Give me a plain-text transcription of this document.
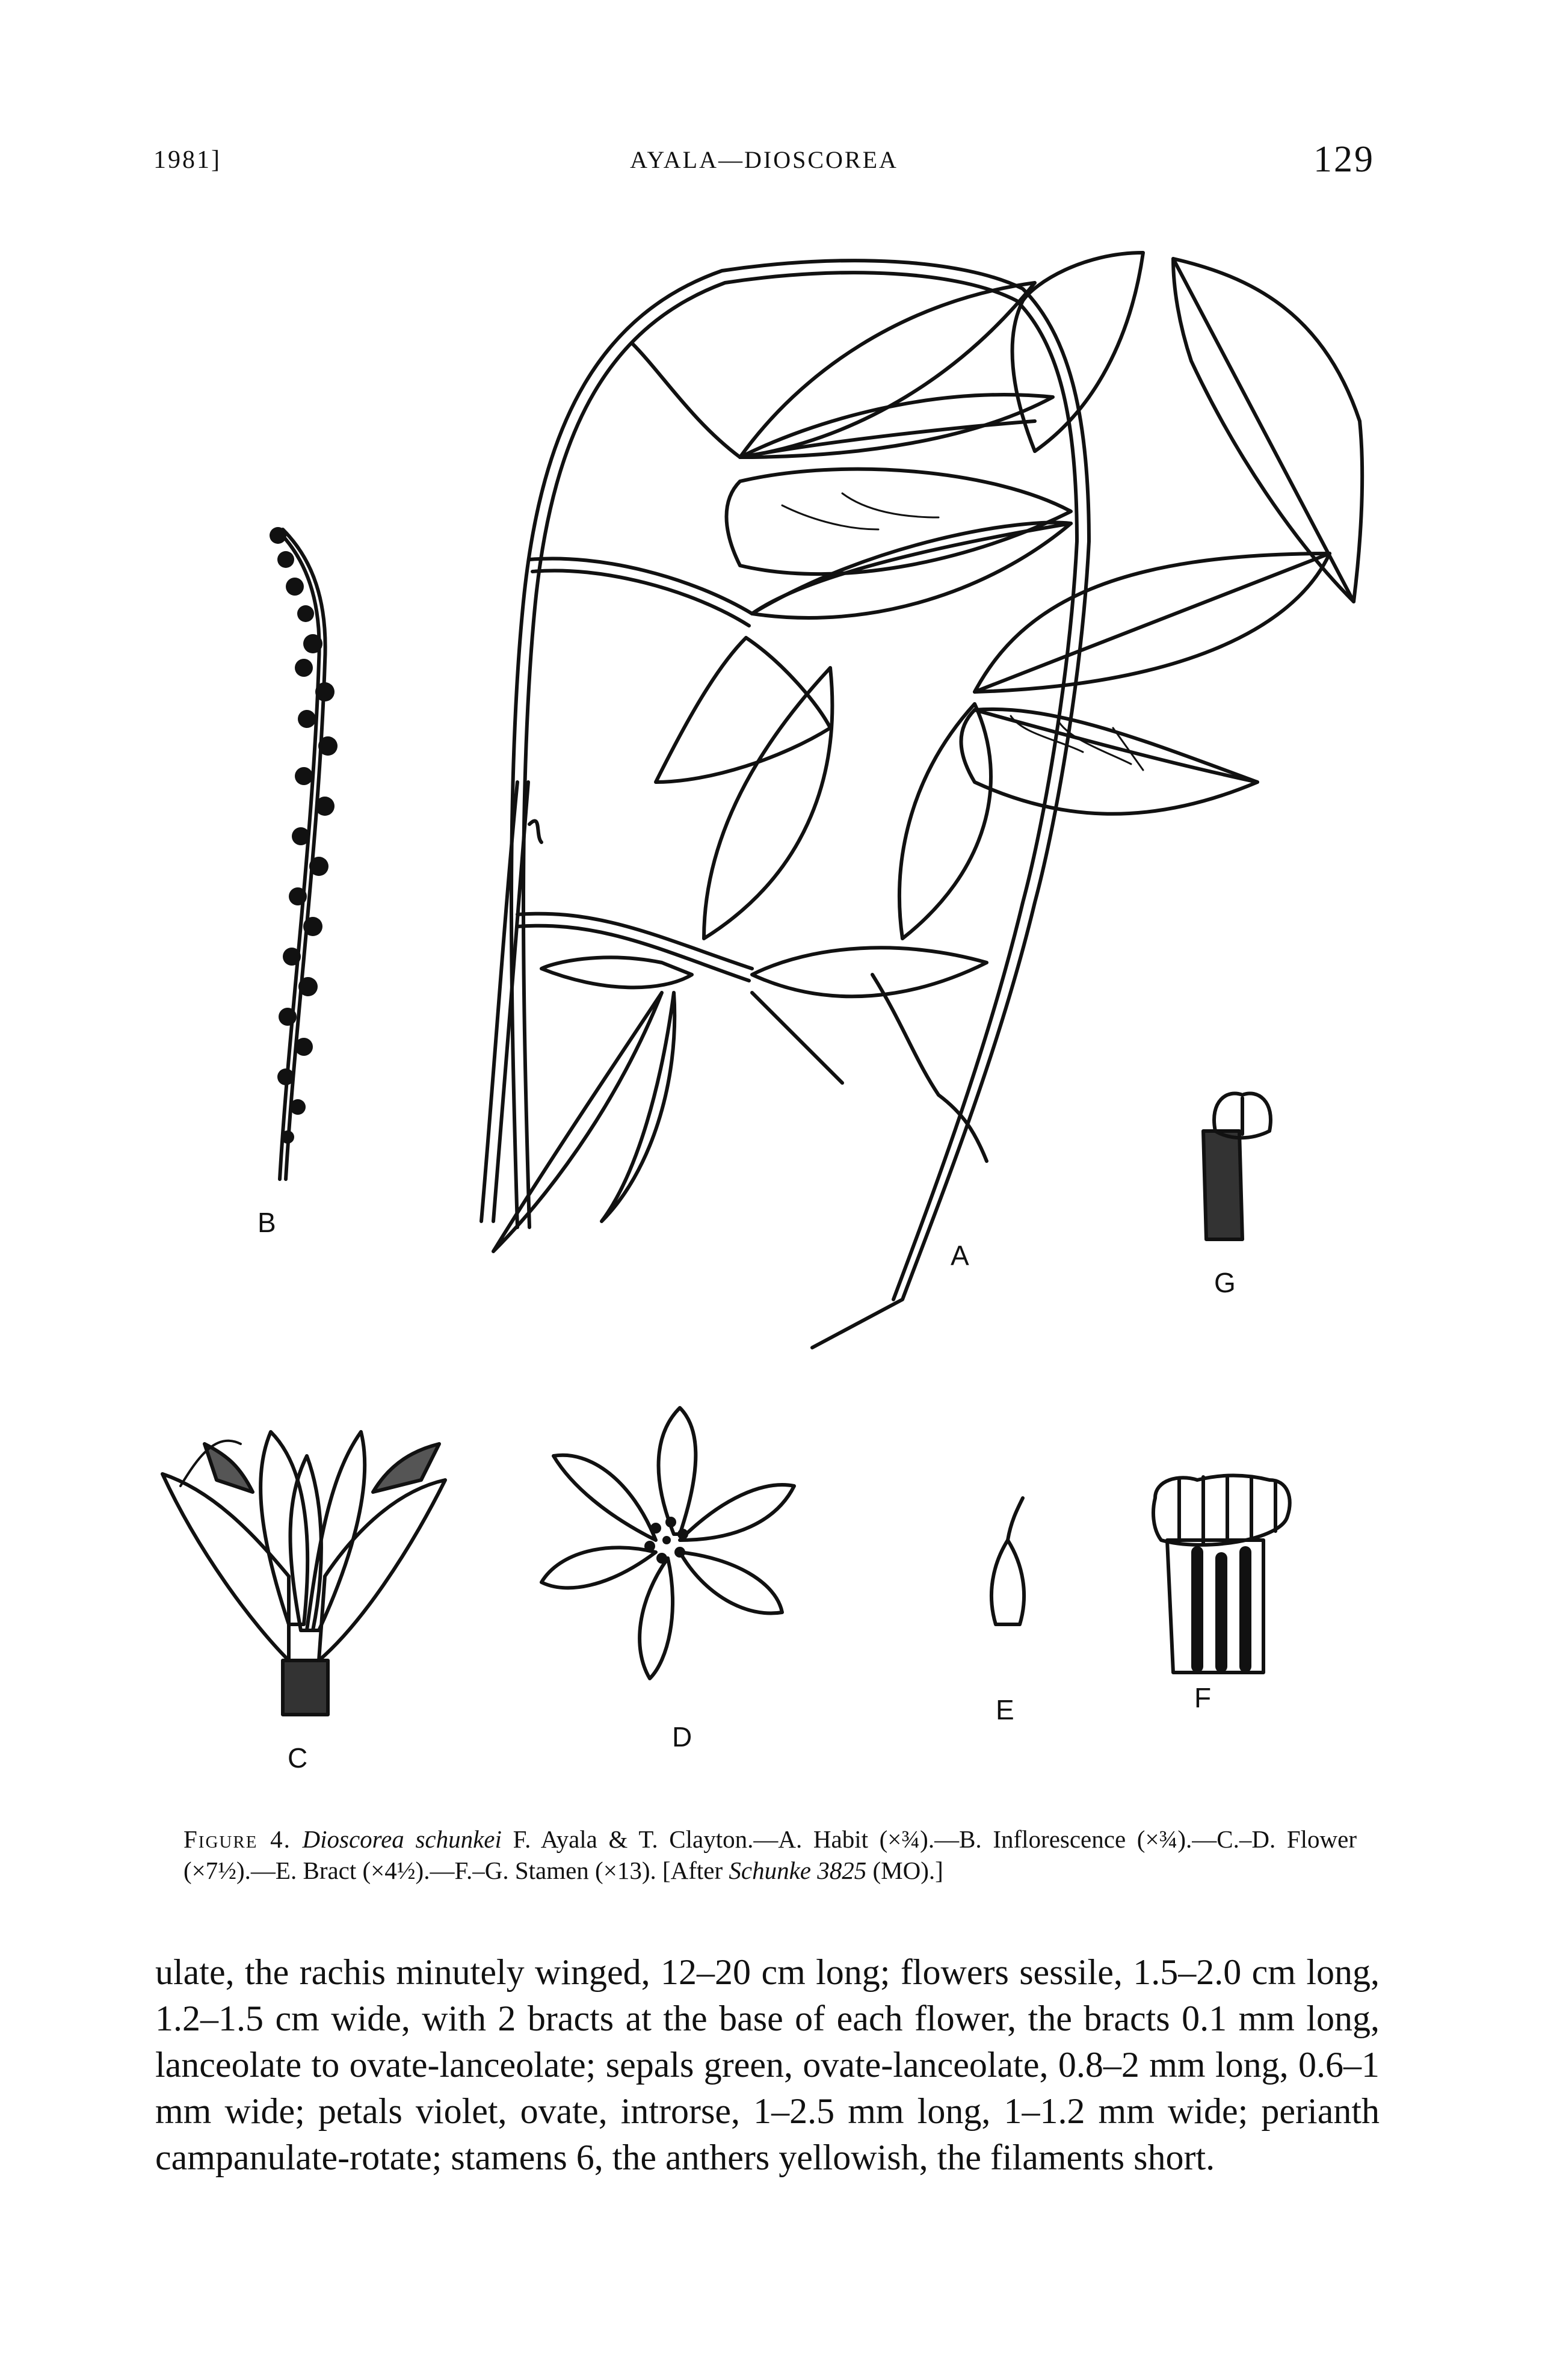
1981]	AYALA—DIOSCOREA	129
B
A
G
C
D
E	F

Figure 4. Dioscorea schunkei F. Ayala & T. Clayton.—A. Habit (×¾).—B. Inflorescence (×¾).—C.–D. Flower (×7½).—E. Bract (×4½).—F.–G. Stamen (×13). [After Schunke 3825 (MO).]

ulate, the rachis minutely winged, 12–20 cm long; flowers sessile, 1.5–2.0 cm long, 1.2–1.5 cm wide, with 2 bracts at the base of each flower, the bracts 0.1 mm long, lanceolate to ovate-lanceolate; sepals green, ovate-lanceolate, 0.8–2 mm long, 0.6–1 mm wide; petals violet, ovate, introrse, 1–2.5 mm long, 1–1.2 mm wide; perianth campanulate-rotate; stamens 6, the anthers yellowish, the filaments short.
